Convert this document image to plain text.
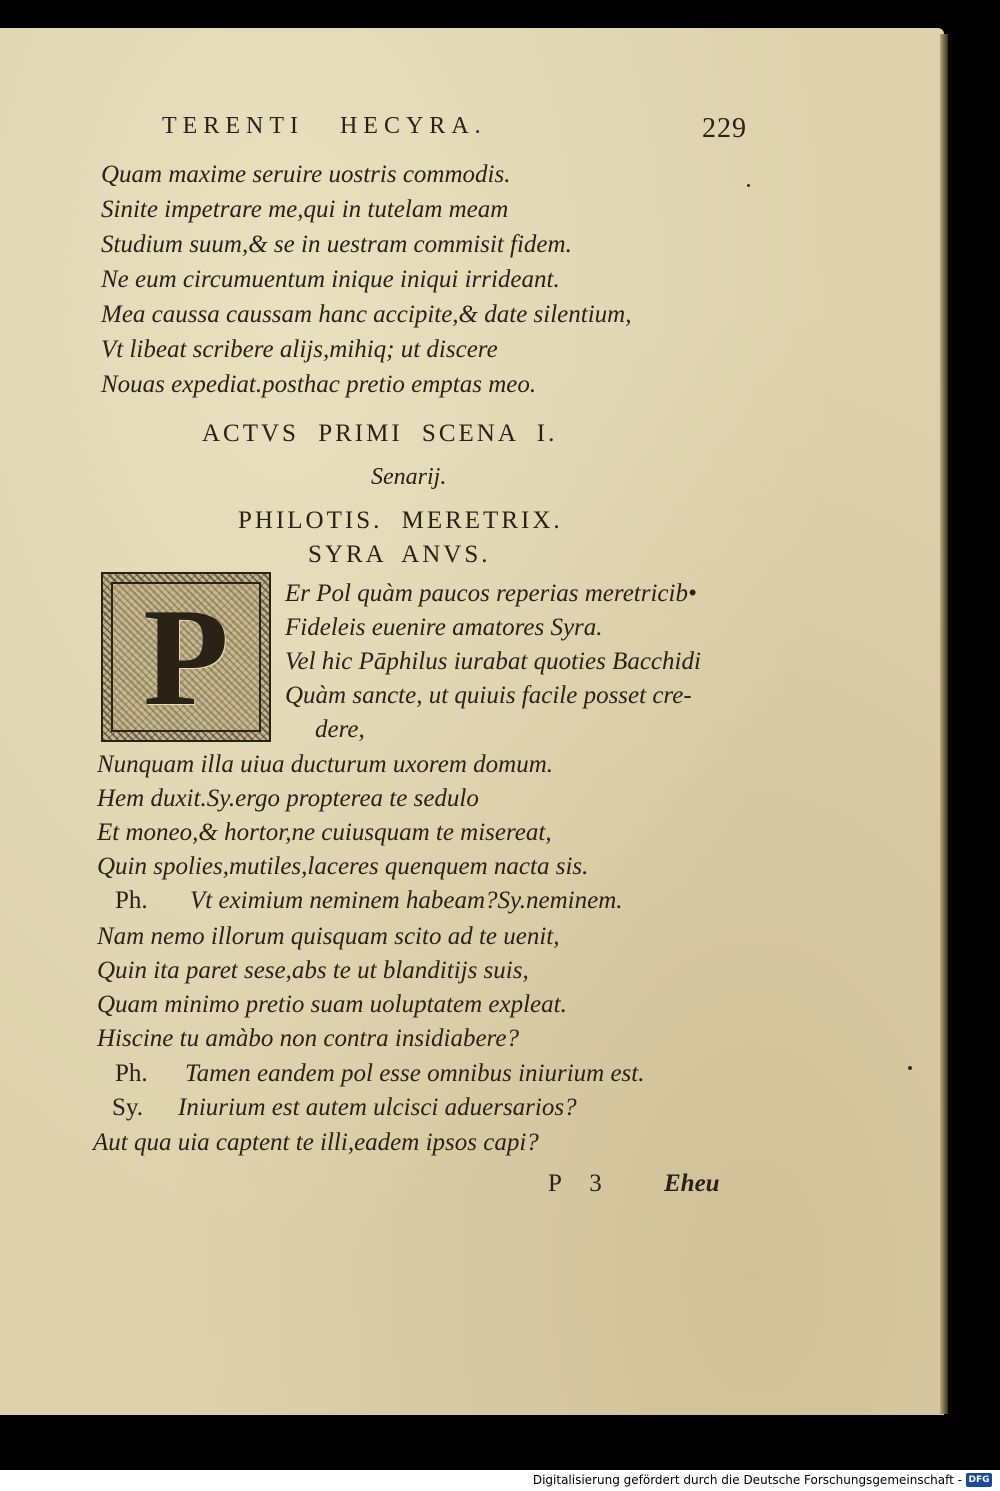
TERENTI   HECYRA.	229
Quam maxime seruire uostris commodis.
Sinite impetrare me,qui in tutelam meam
Studium suum,& se in uestram commisit fidem.
Ne eum circumuentum inique iniqui irrideant.
Mea caussa caussam hanc accipite,& date silentium,
Vt libeat scribere alijs,mihiq; ut discere
Nouas expediat.posthac pretio emptas meo.
ACTVS PRIMI SCENA I.
Senarij.
PHILOTIS. MERETRIX.
SYRA ANVS.
P	Er Pol quàm paucos reperias meretricib•
Fideleis euenire amatores Syra.
Vel hic Pāphilus iurabat quoties Bacchidi
Quàm sancte, ut quiuis facile posset cre-
dere,
Nunquam illa uiua ducturum uxorem domum.
Hem duxit.Sy.ergo propterea te sedulo
Et moneo,& hortor,ne cuiusquam te misereat,
Quin spolies,mutiles,laceres quenquem nacta sis.
Ph. Vt eximium neminem habeam?Sy.neminem.
Nam nemo illorum quisquam scito ad te uenit,
Quin ita paret sese,abs te ut blanditijs suis,
Quam minimo pretio suam uoluptatem expleat.
Hiscine tu amàbo non contra insidiabere?
Ph. Tamen eandem pol esse omnibus iniurium est.
Sy. Iniurium est autem ulcisci aduersarios?
Aut qua uia captent te illi,eadem ipsos capi?
P 3 Eheu
Digitalisierung gefördert durch die Deutsche Forschungsgemeinschaft - DFG
